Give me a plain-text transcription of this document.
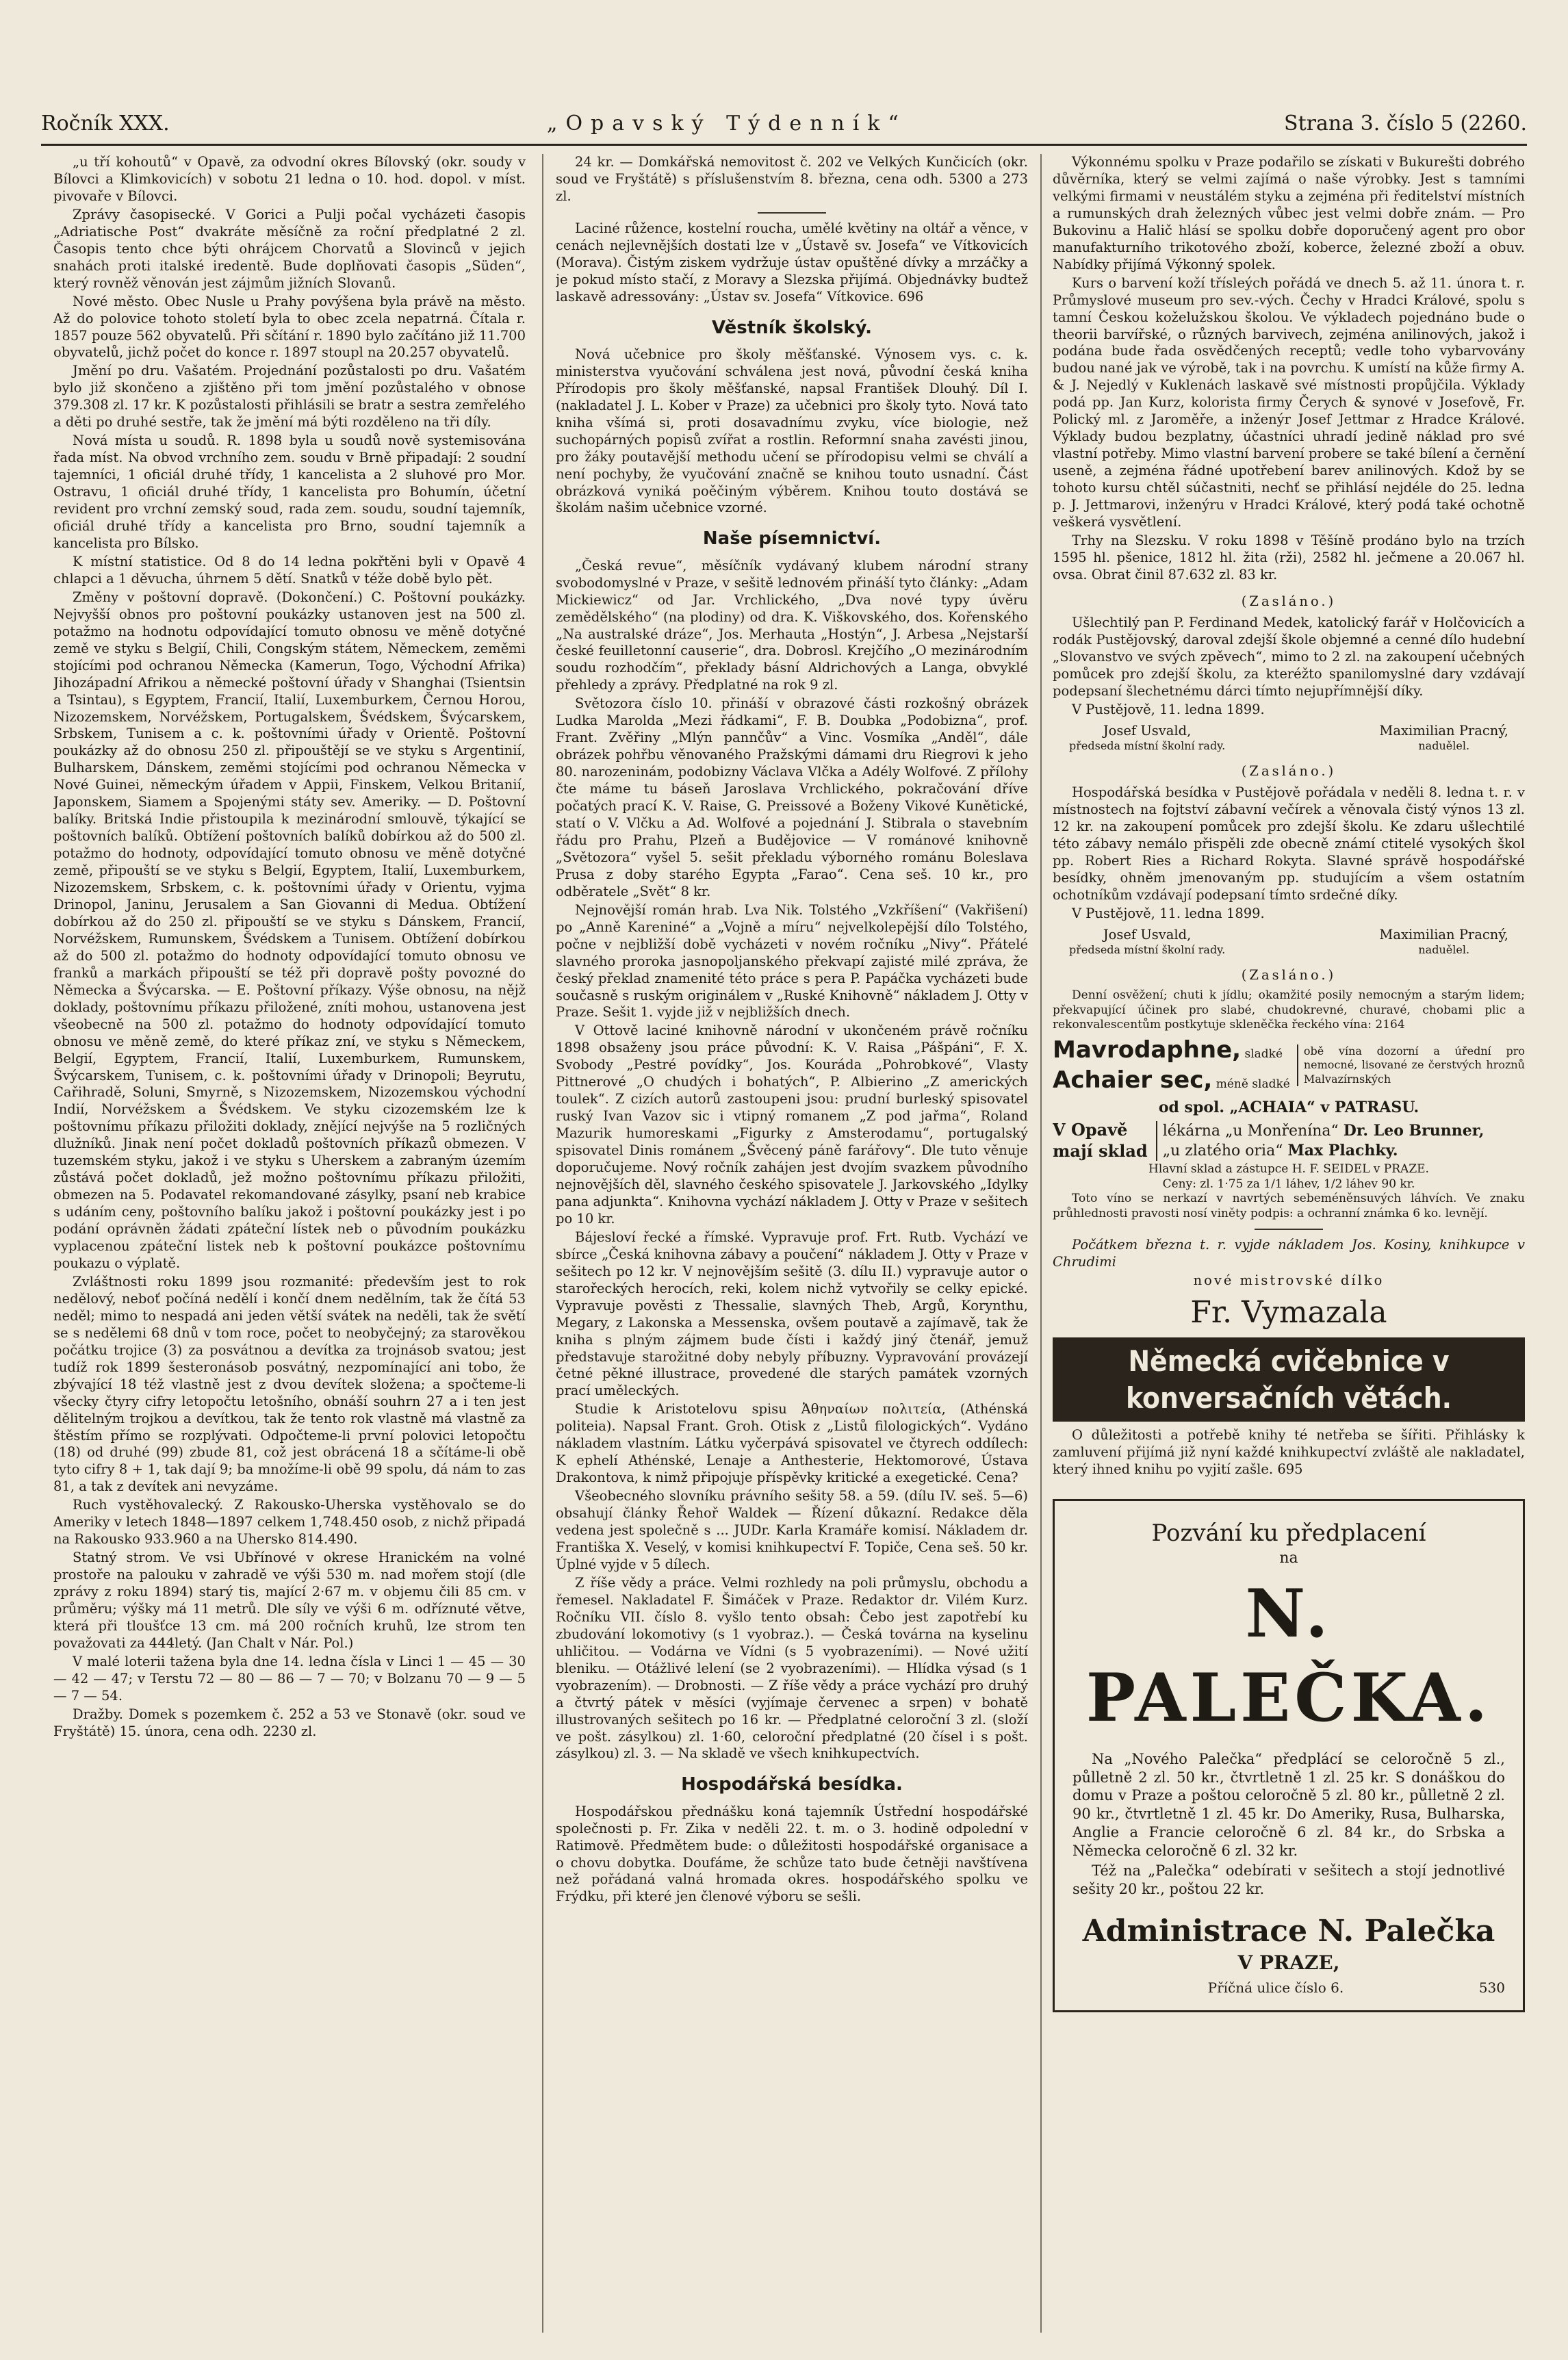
Ročník XXX.	„Opavský Týdenník“	Strana 3. číslo 5 (2260.

„u tří kohoutů“ v Opavě, za odvodní okres Bílovský (okr. soudy v Bílovci a Klimkovicích) v sobotu 21 ledna o 10. hod. dopol. v míst. pivovaře v Bílovci.

Zprávy časopisecké. V Gorici a Pulji počal vycházeti časopis „Adriatische Post“ dvakráte měsíčně za roční předplatné 2 zl. Časopis tento chce býti ohrájcem Chorvatů a Slovinců v jejich snahách proti italské iredentě. Bude doplňovati časopis „Süden“, který rovněž věnován jest zájmům jižních Slovanů.

Nové město. Obec Nusle u Prahy povýšena byla právě na město. Až do polovice tohoto století byla to obec zcela nepatrná. Čítala r. 1857 pouze 562 obyvatelů. Při sčítání r. 1890 bylo začítáno již 11.700 obyvatelů, jichž počet do konce r. 1897 stoupl na 20.257 obyvatelů.

Jmění po dru. Vašatém. Projednání pozůstalosti po dru. Vašatém bylo již skončeno a zjištěno při tom jmění pozůstalého v obnose 379.308 zl. 17 kr. K pozůstalosti přihlásili se bratr a sestra zemřelého a děti po druhé sestře, tak že jmění má býti rozděleno na tři díly.

Nová místa u soudů. R. 1898 byla u soudů nově systemisována řada míst. Na obvod vrchního zem. soudu v Brně připadají: 2 soudní tajemníci, 1 oficiál druhé třídy, 1 kancelista a 2 sluhové pro Mor. Ostravu, 1 oficiál druhé třídy, 1 kancelista pro Bohumín, účetní revident pro vrchní zemský soud, rada zem. soudu, soudní tajemník, oficiál druhé třídy a kancelista pro Brno, soudní tajemník a kancelista pro Bílsko.

K místní statistice. Od 8 do 14 ledna pokřtěni byli v Opavě 4 chlapci a 1 děvucha, úhrnem 5 dětí. Snatků v téže době bylo pět.

Změny v poštovní dopravě. (Dokončení.) C. Poštovní poukázky. Nejvyšší obnos pro poštovní poukázky ustanoven jest na 500 zl. potažmo na hodnotu odpovídající tomuto obnosu ve měně dotyčné země ve styku s Belgií, Chili, Congským státem, Německem, zeměmi stojícími pod ochranou Německa (Kamerun, Togo, Východní Afrika) Jihozápadní Afrikou a německé poštovní úřady v Shanghai (Tsientsin a Tsintau), s Egyptem, Francií, Italií, Luxemburkem, Černou Horou, Nizozemskem, Norvéžskem, Portugalskem, Švédskem, Švýcarskem, Srbskem, Tunisem a c. k. poštovními úřady v Orientě. Poštovní poukázky až do obnosu 250 zl. připouštějí se ve styku s Argentinií, Bulharskem, Dánskem, zeměmi stojícími pod ochranou Německa v Nové Guinei, německým úřadem v Appii, Finskem, Velkou Britanií, Japonskem, Siamem a Spojenými státy sev. Ameriky. — D. Poštovní balíky. Britská Indie přistoupila k mezinárodní smlouvě, týkající se poštovních balíků. Obtížení poštovních balíků dobírkou až do 500 zl. potažmo do hodnoty, odpovídající tomuto obnosu ve měně dotyčné země, připouští se ve styku s Belgií, Egyptem, Italií, Luxemburkem, Nizozemskem, Srbskem, c. k. poštovními úřady v Orientu, vyjma Drinopol, Janinu, Jerusalem a San Giovanni di Medua. Obtížení dobírkou až do 250 zl. připouští se ve styku s Dánskem, Francií, Norvéžskem, Rumunskem, Švédskem a Tunisem. Obtížení dobírkou až do 500 zl. potažmo do hodnoty odpovídající tomuto obnosu ve franků a markách připouští se též při dopravě pošty povozné do Německa a Švýcarska. — E. Poštovní příkazy. Výše obnosu, na nějž doklady, poštovnímu příkazu přiložené, zníti mohou, ustanovena jest všeobecně na 500 zl. potažmo do hodnoty odpovídající tomuto obnosu ve měně země, do které příkaz zní, ve styku s Německem, Belgií, Egyptem, Francií, Italií, Luxemburkem, Rumunskem, Švýcarskem, Tunisem, c. k. poštovními úřady v Drinopoli; Beyrutu, Cařihradě, Soluni, Smyrně, s Nizozemskem, Nizozemskou východní Indií, Norvéžskem a Švédskem. Ve styku cizozemském lze k poštovnímu příkazu přiložiti doklady, znějící nejvýše na 5 rozličných dlužníků. Jinak není počet dokladů poštovních příkazů obmezen. V tuzemském styku, jakož i ve styku s Uherskem a zabraným územím zůstává počet dokladů, jež možno poštovnímu příkazu přiložiti, obmezen na 5. Podavatel rekomandované zásylky, psaní neb krabice s udáním ceny, poštovního balíku jakož i poštovní poukázky jest i po podání oprávněn žádati zpáteční lístek neb o původním poukázku vyplacenou zpáteční listek neb k poštovní poukázce poštovnímu poukazu o výplatě.

Zvláštnosti roku 1899 jsou rozmanité: především jest to rok nedělový, neboť počíná nedělí i končí dnem nedělním, tak že čítá 53 neděl; mimo to nespadá ani jeden větší svátek na neděli, tak že světí se s nedělemi 68 dnů v tom roce, počet to neobyčejný; za starověkou počátku trojice (3) za posvátnou a devítka za trojnásob svatou; jest tudíž rok 1899 šesteronásob posvátný, nezpomínající ani tobo, že zbývající 18 též vlastně jest z dvou devítek složena; a spočteme-li všecky čtyry cifry letopočtu letošního, obnáší souhrn 27 a i ten jest dělitelným trojkou a devítkou, tak že tento rok vlastně má vlastně za štěstím přímo se rozplývati. Odpočteme-li první polovici letopočtu (18) od druhé (99) zbude 81, což jest obrácená 18 a sčítáme-li obě tyto cifry 8 + 1, tak dají 9; ba množíme-li obě 99 spolu, dá nám to zas 81, a tak z devítek ani nevyzáme.

Ruch vystěhovalecký. Z Rakousko-Uherska vystěhovalo se do Ameriky v letech 1848—1897 celkem 1,748.450 osob, z nichž připadá na Rakousko 933.960 a na Uhersko 814.490.

Statný strom. Ve vsi Ubřínové v okrese Hranickém na volné prostoře na palouku v zahradě ve výši 530 m. nad mořem stojí (dle zprávy z roku 1894) starý tis, mající 2·67 m. v objemu čili 85 cm. v průměru; výšky má 11 metrů. Dle síly ve výši 6 m. odříznuté větve, která při tloušťce 13 cm. má 200 ročních kruhů, lze strom ten považovati za 444letý. (Jan Chalt v Nár. Pol.)

V malé loterii tažena byla dne 14. ledna čísla v Linci 1 — 45 — 30 — 42 — 47; v Terstu 72 — 80 — 86 — 7 — 70; v Bolzanu 70 — 9 — 5 — 7 — 54.

Dražby. Domek s pozemkem č. 252 a 53 ve Stonavě (okr. soud ve Fryštátě) 15. února, cena odh. 2230 zl.

24 kr. — Domkářská nemovitost č. 202 ve Velkých Kunčicích (okr. soud ve Fryštátě) s příslušenstvím 8. března, cena odh. 5300 a 273 zl.

Laciné růžence, kostelní roucha, umělé květiny na oltář a věnce, v cenách nejlevnějších dostati lze v „Ústavě sv. Josefa“ ve Vítkovicích (Morava). Čistým ziskem vydržuje ústav opuštěné dívky a mrzáčky a je pokud místo stačí, z Moravy a Slezska přijímá. Objednávky budtež laskavě adressovány: „Ústav sv. Josefa“ Vítkovice. 696

Věstník školský.

Nová učebnice pro školy měšťanské. Výnosem vys. c. k. ministerstva vyučování schválena jest nová, původní česká kniha Přírodopis pro školy měšťanské, napsal František Dlouhý. Díl I. (nakladatel J. L. Kober v Praze) za učebnici pro školy tyto. Nová tato kniha všímá si, proti dosavadnímu zvyku, více biologie, než suchopárných popisů zvířat a rostlin. Reformní snaha zavésti jinou, pro žáky poutavější methodu učení se přírodopisu velmi se chválí a není pochyby, že vyučování značně se knihou touto usnadní. Část obrázková vyniká poěčiným výběrem. Knihou touto dostává se školám našim učebnice vzorné.

Naše písemnictví.

„Česká revue“, měsíčník vydávaný klubem národní strany svobodomyslné v Praze, v sešitě lednovém přináší tyto články: „Adam Mickiewicz“ od Jar. Vrchlického, „Dva nové typy úvěru zemědělského“ (na plodiny) od dra. K. Viškovského, dos. Kořenského „Na australské dráze“, Jos. Merhauta „Hostýn“, J. Arbesa „Nejstarší české feuilletonní causerie“, dra. Dobrosl. Krejčího „O mezinárodním soudu rozhodčím“, překlady básní Aldrichových a Langa, obvyklé přehledy a zprávy. Předplatné na rok 9 zl.

Světozora číslo 10. přináší v obrazové části rozkošný obrázek Ludka Marolda „Mezi řádkami“, F. B. Doubka „Podobizna“, prof. Frant. Zvěřiny „Mlýn pannčův“ a Vinc. Vosmíka „Anděl“, dále obrázek pohřbu věnovaného Pražskými dámami dru Riegrovi k jeho 80. narozeninám, podobizny Václava Vlčka a Adély Wolfové. Z přílohy čte máme tu báseň Jaroslava Vrchlického, pokračování dříve počatých prací K. V. Raise, G. Preissové a Boženy Vikové Kunětické, statí o V. Vlčku a Ad. Wolfové a pojednání J. Stibrala o stavebním řádu pro Prahu, Plzeň a Budějovice — V románové knihovně „Světozora“ vyšel 5. sešit překladu výborného románu Boleslava Prusa z doby starého Egypta „Farao“. Cena seš. 10 kr., pro odběratele „Svět“ 8 kr.

Nejnovější román hrab. Lva Nik. Tolstého „Vzkříšení“ (Vakřišení) po „Anně Kareniné“ a „Vojně a míru“ nejvelkolepější dílo Tolstého, počne v nejbližší době vycházeti v novém ročníku „Nivy“. Přátelé slavného proroka jasnopoljanského překvapí zajisté milé zpráva, že český překlad znamenité této práce s pera P. Papáčka vycházeti bude současně s ruským originálem v „Ruské Knihovně“ nákladem J. Otty v Praze. Sešit 1. vyjde již v nejbližších dnech.

V Ottově laciné knihovně národní v ukončeném právě ročníku 1898 obsaženy jsou práce původní: K. V. Raisa „Pášpáni“, F. X. Svobody „Pestré povídky“, Jos. Kouráda „Pohrobkové“, Vlasty Pittnerové „O chudých i bohatých“, P. Albierino „Z amerických toulek“. Z cizích autorů zastoupeni jsou: prudní burleský spisovatel ruský Ivan Vazov sic i vtipný romanem „Z pod jařma“, Roland Mazurik humoreskami „Figurky z Amsterodamu“, portugalský spisovatel Dinis románem „Švěcený páně farářovy“. Dle tuto věnuje doporučujeme. Nový ročník zahájen jest dvojím svazkem původního nejnovějších děl, slavného českého spisovatele J. Jarkovského „Idylky pana adjunkta“. Knihovna vychází nákladem J. Otty v Praze v sešitech po 10 kr.

Bájesloví řecké a římské. Vypravuje prof. Frt. Rutb. Vychází ve sbírce „Česká knihovna zábavy a poučení“ nákladem J. Otty v Praze v sešitech po 12 kr. V nejnovějším sešitě (3. dílu II.) vypravuje autor o starořeckých herocích, reki, kolem nichž vytvořily se celky epické. Vypravuje pověsti z Thessalie, slavných Theb, Argů, Korynthu, Megary, z Lakonska a Messenska, ovšem poutavě a zajímavě, tak že kniha s plným zájmem bude čísti i každý jiný čtenář, jemuž představuje starožitné doby nebyly příbuzny. Vypravování provázejí četné pěkné illustrace, provedené dle starých památek vzorných prací uměleckých.

Studie k Aristotelovu spisu Ἀθηναίων πολιτεία, (Athénská politeia). Napsal Frant. Groh. Otisk z „Listů filologických“. Vydáno nákladem vlastním. Látku vyčerpává spisovatel ve čtyrech oddílech: K ephelí Athénské, Lenaje a Anthesterie, Hektomorové, Ústava Drakontova, k nimž připojuje příspěvky kritické a exegetické. Cena?

Všeobecného slovníku právního sešity 58. a 59. (dílu IV. seš. 5—6) obsahují články Řehoř Waldek — Řízení důkazní. Redakce děla vedena jest společně s ... JUDr. Karla Kramáře komisí. Nákladem dr. Františka X. Veselý, v komisi knihkupectví F. Topiče, Cena seš. 50 kr. Úplné vyjde v 5 dílech.

Z říše vědy a práce. Velmi rozhledy na poli průmyslu, obchodu a řemesel. Nakladatel F. Šimáček v Praze. Redaktor dr. Vilém Kurz. Ročníku VII. číslo 8. vyšlo tento obsah: Čebo jest zapotřebí ku zbudování lokomotivy (s 1 vyobraz.). — Česká továrna na kyselinu uhličitou. — Vodárna ve Vídni (s 5 vyobrazeními). — Nové užití bleniku. — Otážlivé lelení (se 2 vyobrazeními). — Hlídka výsad (s 1 vyobrazením). — Drobnosti. — Z říše vědy a práce vychází pro druhý a čtvrtý pátek v měsíci (vyjímaje červenec a srpen) v bohatě illustrovaných sešitech po 16 kr. — Předplatné celoroční 3 zl. (složí ve pošt. zásylkou) zl. 1·60, celoroční předplatné (20 čísel i s pošt. zásylkou) zl. 3. — Na skladě ve všech knihkupectvích.

Hospodářská besídka.

Hospodářskou přednášku koná tajemník Ústřední hospodářské společnosti p. Fr. Zika v neděli 22. t. m. o 3. hodině odpolední v Ratimově. Předmětem bude: o důležitosti hospodářské organisace a o chovu dobytka. Doufáme, že schůze tato bude četněji navštívena než pořádaná valná hromada okres. hospodářského spolku ve Frýdku, při které jen členové výboru se sešli.

Výkonnému spolku v Praze podařilo se získati v Bukurešti dobrého důvěrníka, který se velmi zajímá o naše výrobky. Jest s tamními velkými firmami v neustálém styku a zejména při ředitelství místních a rumunských drah železných vůbec jest velmi dobře znám. — Pro Bukovinu a Halič hlásí se spolku dobře doporučený agent pro obor manufakturního trikotového zboží, koberce, železné zboží a obuv. Nabídky přijímá Výkonný spolek.

Kurs o barvení koží třísleých pořádá ve dnech 5. až 11. února t. r. Průmyslové museum pro sev.-vých. Čechy v Hradci Králové, spolu s tamní Českou koželužskou školou. Ve výkladech pojednáno bude o theorii barvířské, o různých barvivech, zejména anilinových, jakož i podána bude řada osvědčených receptů; vedle toho vybarvovány budou nané jak ve výrobě, tak i na povrchu. K umístí na kůže firmy A. & J. Nejedlý v Kuklenách laskavě své místnosti propůjčila. Výklady podá pp. Jan Kurz, kolorista firmy Čerych & synové v Josefově, Fr. Polický ml. z Jaroměře, a inženýr Josef Jettmar z Hradce Králové. Výklady budou bezplatny, účastníci uhradí jedině náklad pro své vlastní potřeby. Mimo vlastní barvení probere se také bílení a černění useně, a zejména řádné upotřebení barev anilinových. Kdož by se tohoto kursu chtěl súčastniti, nechť se přihlásí nejdéle do 25. ledna p. J. Jettmarovi, inženýru v Hradci Králové, který podá také ochotně veškerá vysvětlení.

Trhy na Slezsku. V roku 1898 v Těšíně prodáno bylo na trzích 1595 hl. pšenice, 1812 hl. žita (rži), 2582 hl. ječmene a 20.067 hl. ovsa. Obrat činil 87.632 zl. 83 kr.

(Zasláno.)

Ušlechtilý pan P. Ferdinand Medek, katolický farář v Holčovicích a rodák Pustějovský, daroval zdejší škole objemné a cenné dílo hudební „Slovanstvo ve svých zpěvech“, mimo to 2 zl. na zakoupení učebných pomůcek pro zdejší školu, za kteréžto spanilomyslné dary vzdávají podepsaní šlechetnému dárci tímto nejupřímnější díky.

V Pustějově, 11. ledna 1899.

Josef Usvald,
předseda místní školní rady.
Maximilian Pracný,
naduělel.
(Zasláno.)

Hospodářská besídka v Pustějově pořádala v neděli 8. ledna t. r. v místnostech na fojtství zábavní večírek a věnovala čistý výnos 13 zl. 12 kr. na zakoupení pomůcek pro zdejší školu. Ke zdaru ušlechtilé této zábavy nemálo přispěli zde obecně známí ctitelé vysokých škol pp. Robert Ries a Richard Rokyta. Slavné správě hospodářské besídky, ohněm jmenovaným pp. studujícím a všem ostatním ochotníkům vzdávají podepsaní tímto srdečné díky.

V Pustějově, 11. ledna 1899.

Josef Usvald,
předseda místní školní rady.
Maximilian Pracný,
naduělel.
(Zasláno.)

Denní osvěžení; chuti k jídlu; okamžité posily nemocným a starým lidem; překvapující účinek pro slabé, chudokrevné, churavé, chobami plic a rekonvalescentům postkytuje skleněčka řeckého vína: 2164

Mavrodaphne, sladké
Achaier sec, méně sladké
obě vína dozorní a úřední pro nemocné, lisované ze čerstvých hroznů Malvazírnských
od spol. „ACHAIA“ v PATRASU.
V Opavě
mají sklad
lékárna „u Monřenína“ Dr. Leo Brunner,
„u zlatého oria“ Max Plachky.
Hlavní sklad a zástupce H. F. SEIDEL v PRAZE.
Ceny: zl. 1·75 za 1/1 láhev, 1/2 láhev 90 kr.

Toto víno se nerkazí v navrtých sebeméněnsuvých láhvích. Ve znaku průhlednosti pravosti nosí viněty podpis: a ochranní známka 6 ko. levnějí.

Počátkem března t. r. vyjde nákladem Jos. Kosiny, knihkupce v Chrudimi

nové mistrovské dílko
Fr. Vymazala
Německá cvičebnice v konversačních větách.

O důležitosti a potřebě knihy té netřeba se šířiti. Přihlásky k zamluvení přijímá již nyní každé knihkupectví zvláště ale nakladatel, který ihned knihu po vyjití zašle. 695

Pozvání ku předplacení
na
N. PALEČKA.

Na „Nového Palečka“ předplácí se celoročně 5 zl., půlletně 2 zl. 50 kr., čtvrtletně 1 zl. 25 kr. S donáškou do domu v Praze a poštou celoročně 5 zl. 80 kr., půlletně 2 zl. 90 kr., čtvrtletně 1 zl. 45 kr. Do Ameriky, Rusa, Bulharska, Anglie a Francie celoročně 6 zl. 84 kr., do Srbska a Německa celoročně 6 zl. 32 kr.

Též na „Palečka“ odebírati v sešitech a stojí jednotlivé sešity 20 kr., poštou 22 kr.

Administrace N. Palečka
V PRAZE,
Příčná ulice číslo 6.	530
